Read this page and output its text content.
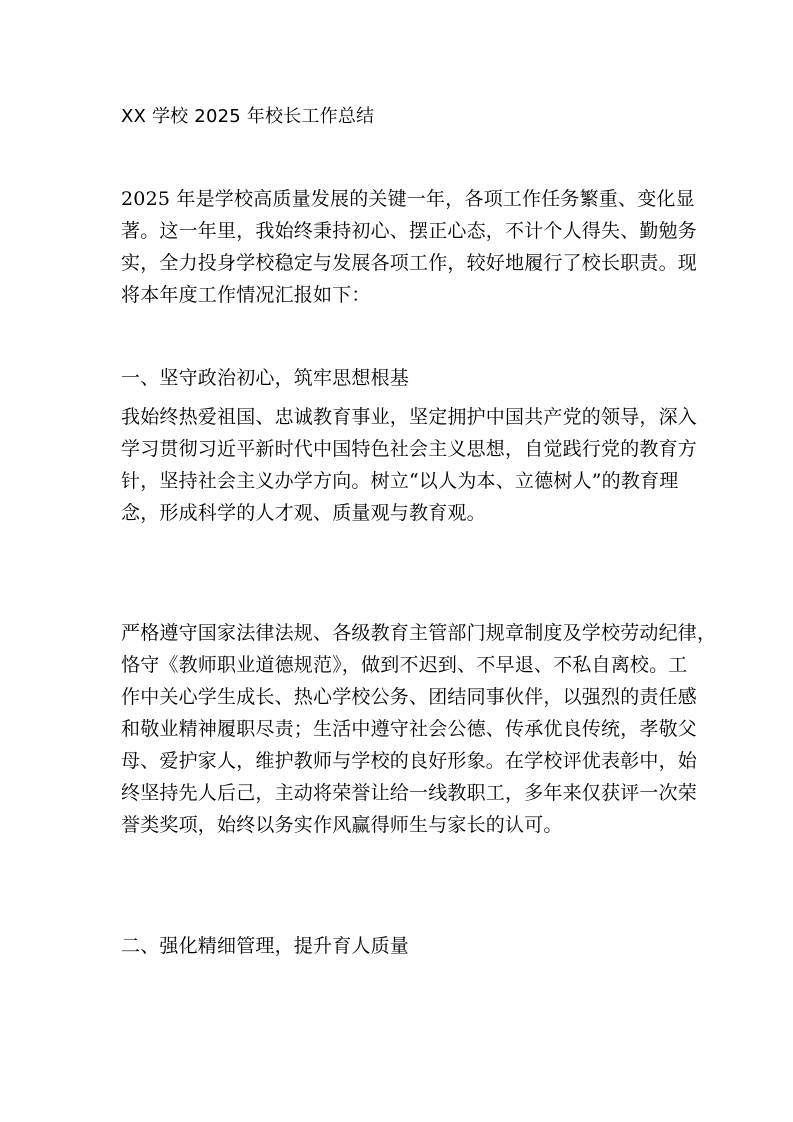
XX 学校 2025 年校长工作总结
2025 年是学校高质量发展的关键一年，各项工作任务繁重、变化显
著。这一年里，我始终秉持初心、摆正心态，不计个人得失、勤勉务
实，全力投身学校稳定与发展各项工作，较好地履行了校长职责。现
将本年度工作情况汇报如下：
一、坚守政治初心，筑牢思想根基
我始终热爱祖国、忠诚教育事业，坚定拥护中国共产党的领导，深入
学习贯彻习近平新时代中国特色社会主义思想，自觉践行党的教育方
针，坚持社会主义办学方向。树立“以人为本、立德树人”的教育理
念，形成科学的人才观、质量观与教育观。
严格遵守国家法律法规、各级教育主管部门规章制度及学校劳动纪律，
恪守《教师职业道德规范》，做到不迟到、不早退、不私自离校。工
作中关心学生成长、热心学校公务、团结同事伙伴，以强烈的责任感
和敬业精神履职尽责；生活中遵守社会公德、传承优良传统，孝敬父
母、爱护家人，维护教师与学校的良好形象。在学校评优表彰中，始
终坚持先人后己，主动将荣誉让给一线教职工，多年来仅获评一次荣
誉类奖项，始终以务实作风赢得师生与家长的认可。
二、强化精细管理，提升育人质量
